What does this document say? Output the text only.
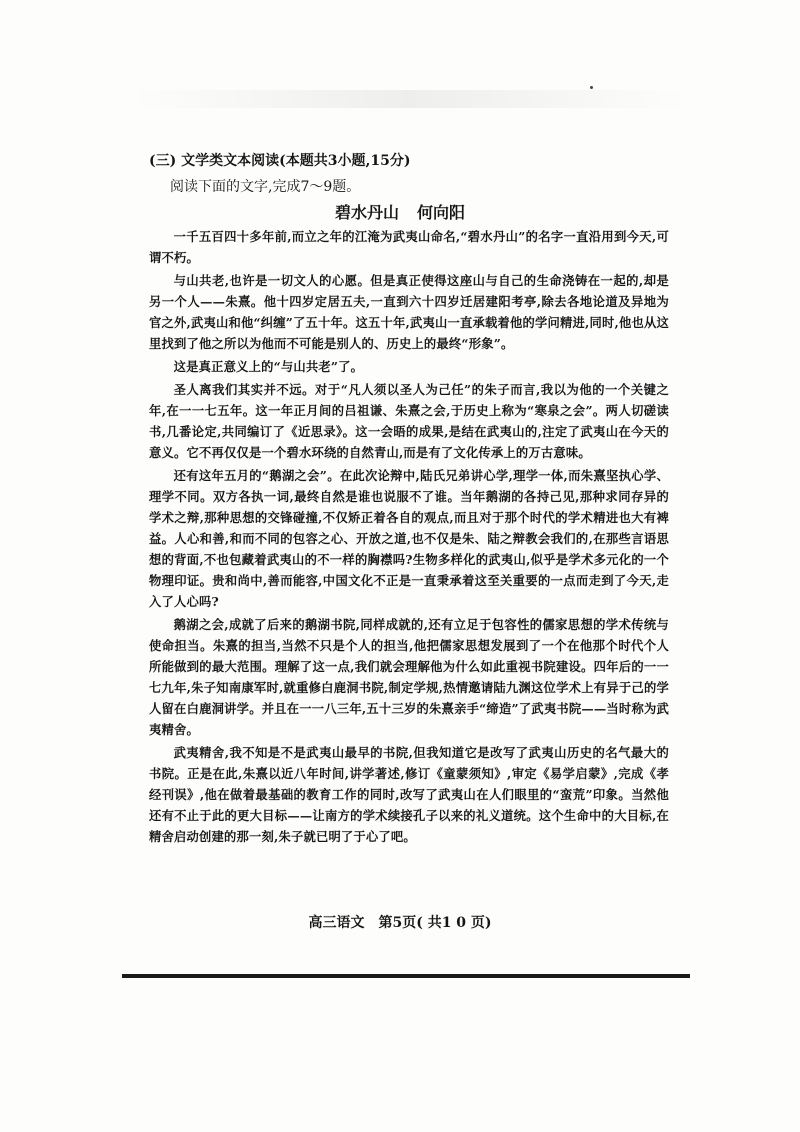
(三) 文学类文本阅读(本题共3小题,15分)
阅读下面的文字,完成7～9题。
碧水丹山 何向阳

一千五百四十多年前,而立之年的江淹为武夷山命名,“碧水丹山”的名字一直沿用到今天,可谓不朽。

与山共老,也许是一切文人的心愿。但是真正使得这座山与自己的生命浇铸在一起的,却是另一个人——朱熹。他十四岁定居五夫,一直到六十四岁迁居建阳考亭,除去各地论道及异地为官之外,武夷山和他“纠缠”了五十年。这五十年,武夷山一直承载着他的学问精进,同时,他也从这里找到了他之所以为他而不可能是别人的、历史上的最终“形象”。

这是真正意义上的“与山共老”了。

圣人离我们其实并不远。对于“凡人须以圣人为己任”的朱子而言,我以为他的一个关键之年,在一一七五年。这一年正月间的吕祖谦、朱熹之会,于历史上称为“寒泉之会”。两人切磋读书,几番论定,共同编订了《近思录》。这一会晤的成果,是结在武夷山的,注定了武夷山在今天的意义。它不再仅仅是一个碧水环绕的自然青山,而是有了文化传承上的万古意味。

还有这年五月的“鹅湖之会”。在此次论辩中,陆氏兄弟讲心学,理学一体,而朱熹坚执心学、理学不同。双方各执一词,最终自然是谁也说服不了谁。当年鹅湖的各持己见,那种求同存异的学术之辩,那种思想的交锋碰撞,不仅矫正着各自的观点,而且对于那个时代的学术精进也大有裨益。人心和善,和而不同的包容之心、开放之道,也不仅是朱、陆之辩教会我们的,在那些言语思想的背面,不也包藏着武夷山的不一样的胸襟吗?生物多样化的武夷山,似乎是学术多元化的一个物理印证。贵和尚中,善而能容,中国文化不正是一直秉承着这至关重要的一点而走到了今天,走入了人心吗?

鹅湖之会,成就了后来的鹅湖书院,同样成就的,还有立足于包容性的儒家思想的学术传统与使命担当。朱熹的担当,当然不只是个人的担当,他把儒家思想发展到了一个在他那个时代个人所能做到的最大范围。理解了这一点,我们就会理解他为什么如此重视书院建设。四年后的一一七九年,朱子知南康军时,就重修白鹿洞书院,制定学规,热情邀请陆九渊这位学术上有异于己的学人留在白鹿洞讲学。并且在一一八三年,五十三岁的朱熹亲手“缔造”了武夷书院——当时称为武夷精舍。

武夷精舍,我不知是不是武夷山最早的书院,但我知道它是改写了武夷山历史的名气最大的书院。正是在此,朱熹以近八年时间,讲学著述,修订《童蒙须知》,审定《易学启蒙》,完成《孝经刊误》,他在做着最基础的教育工作的同时,改写了武夷山在人们眼里的“蛮荒”印象。当然他还有不止于此的更大目标——让南方的学术续接孔子以来的礼义道统。这个生命中的大目标,在精舍启动创建的那一刻,朱子就已明了于心了吧。

高三语文　第5页( 共1 0 页)
